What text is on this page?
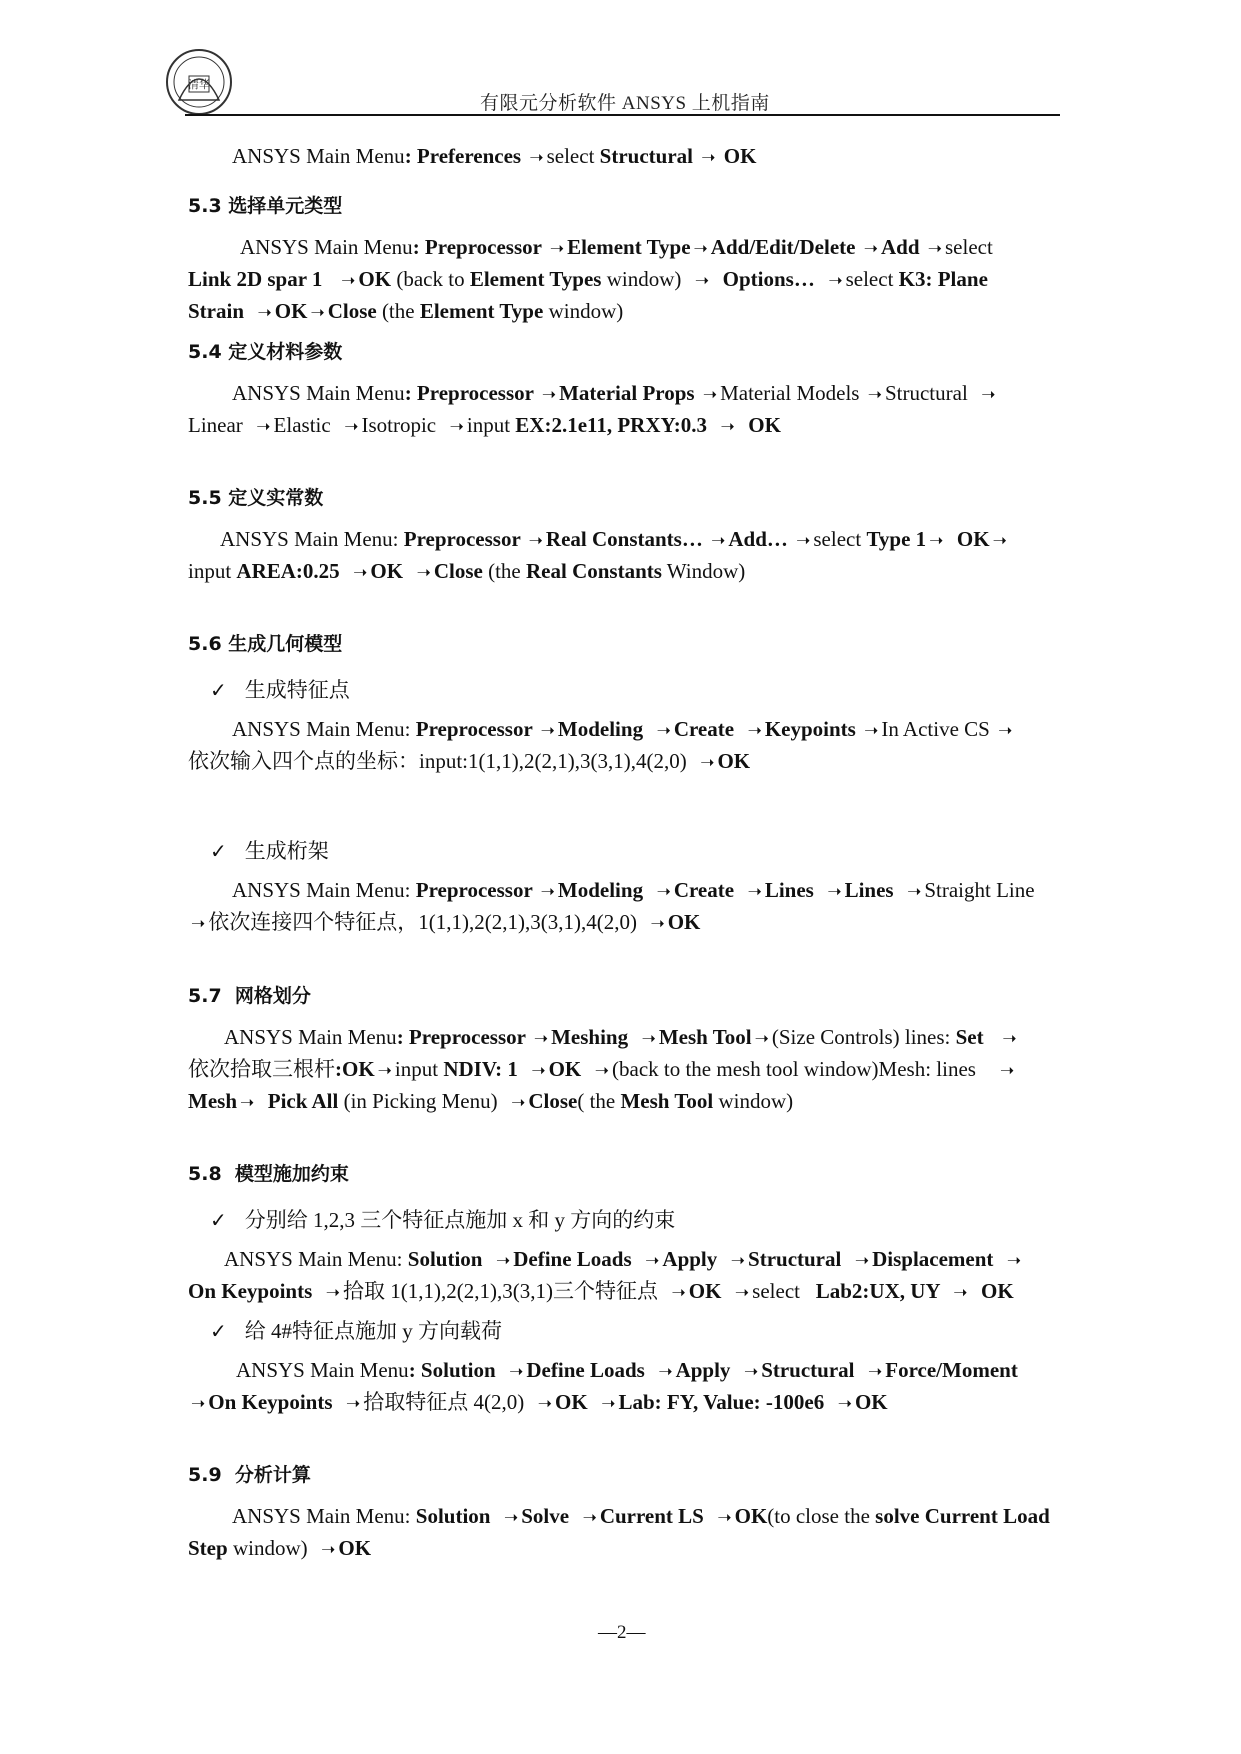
清华
有限元分析软件 ANSYS 上机指南
ANSYS Main Menu: Preferences ➝ select Structural ➝ OK
5.3 选择单元类型
ANSYS Main Menu: Preprocessor ➝ Element Type ➝ Add/Edit/Delete ➝ Add ➝ select
Link 2D spar 1   ➝ OK (back to Element Types window)  ➝  Options…  ➝ select K3: Plane
Strain  ➝ OK ➝ Close (the Element Type window)
5.4 定义材料参数
ANSYS Main Menu: Preprocessor ➝ Material Props ➝ Material Models ➝ Structural  ➝
Linear  ➝ Elastic  ➝ Isotropic  ➝ input EX:2.1e11, PRXY:0.3  ➝  OK
5.5 定义实常数
ANSYS Main Menu: Preprocessor ➝ Real Constants… ➝ Add… ➝ select Type 1 ➝  OK ➝
input AREA:0.25  ➝ OK  ➝ Close (the Real Constants Window)
5.6 生成几何模型
✓ 生成特征点
ANSYS Main Menu: Preprocessor ➝ Modeling  ➝ Create  ➝ Keypoints ➝ In Active CS ➝
依次输入四个点的坐标：input:1(1,1),2(2,1),3(3,1),4(2,0)  ➝ OK
✓ 生成桁架
ANSYS Main Menu: Preprocessor ➝ Modeling  ➝ Create  ➝ Lines  ➝ Lines  ➝ Straight Line
➝ 依次连接四个特征点，1(1,1),2(2,1),3(3,1),4(2,0)  ➝ OK
5.7  网格划分
ANSYS Main Menu: Preprocessor ➝ Meshing  ➝ Mesh Tool ➝ (Size Controls) lines: Set   ➝
依次拾取三根杆:OK ➝ input NDIV: 1  ➝ OK  ➝ (back to the mesh tool window)Mesh: lines    ➝
Mesh ➝  Pick All (in Picking Menu)  ➝ Close( the Mesh Tool window)
5.8  模型施加约束
✓ 分别给 1,2,3 三个特征点施加 x 和 y 方向的约束
ANSYS Main Menu: Solution  ➝ Define Loads  ➝ Apply  ➝ Structural  ➝ Displacement  ➝
On Keypoints  ➝ 拾取 1(1,1),2(2,1),3(3,1)三个特征点  ➝ OK  ➝ select   Lab2:UX, UY  ➝  OK
✓ 给 4#特征点施加 y 方向载荷
ANSYS Main Menu: Solution  ➝ Define Loads  ➝ Apply  ➝ Structural  ➝ Force/Moment
➝ On Keypoints  ➝ 拾取特征点 4(2,0)  ➝ OK  ➝ Lab: FY, Value: -100e6  ➝ OK
5.9  分析计算
ANSYS Main Menu: Solution  ➝ Solve  ➝ Current LS  ➝ OK(to close the solve Current Load
Step window)  ➝ OK
—2—
